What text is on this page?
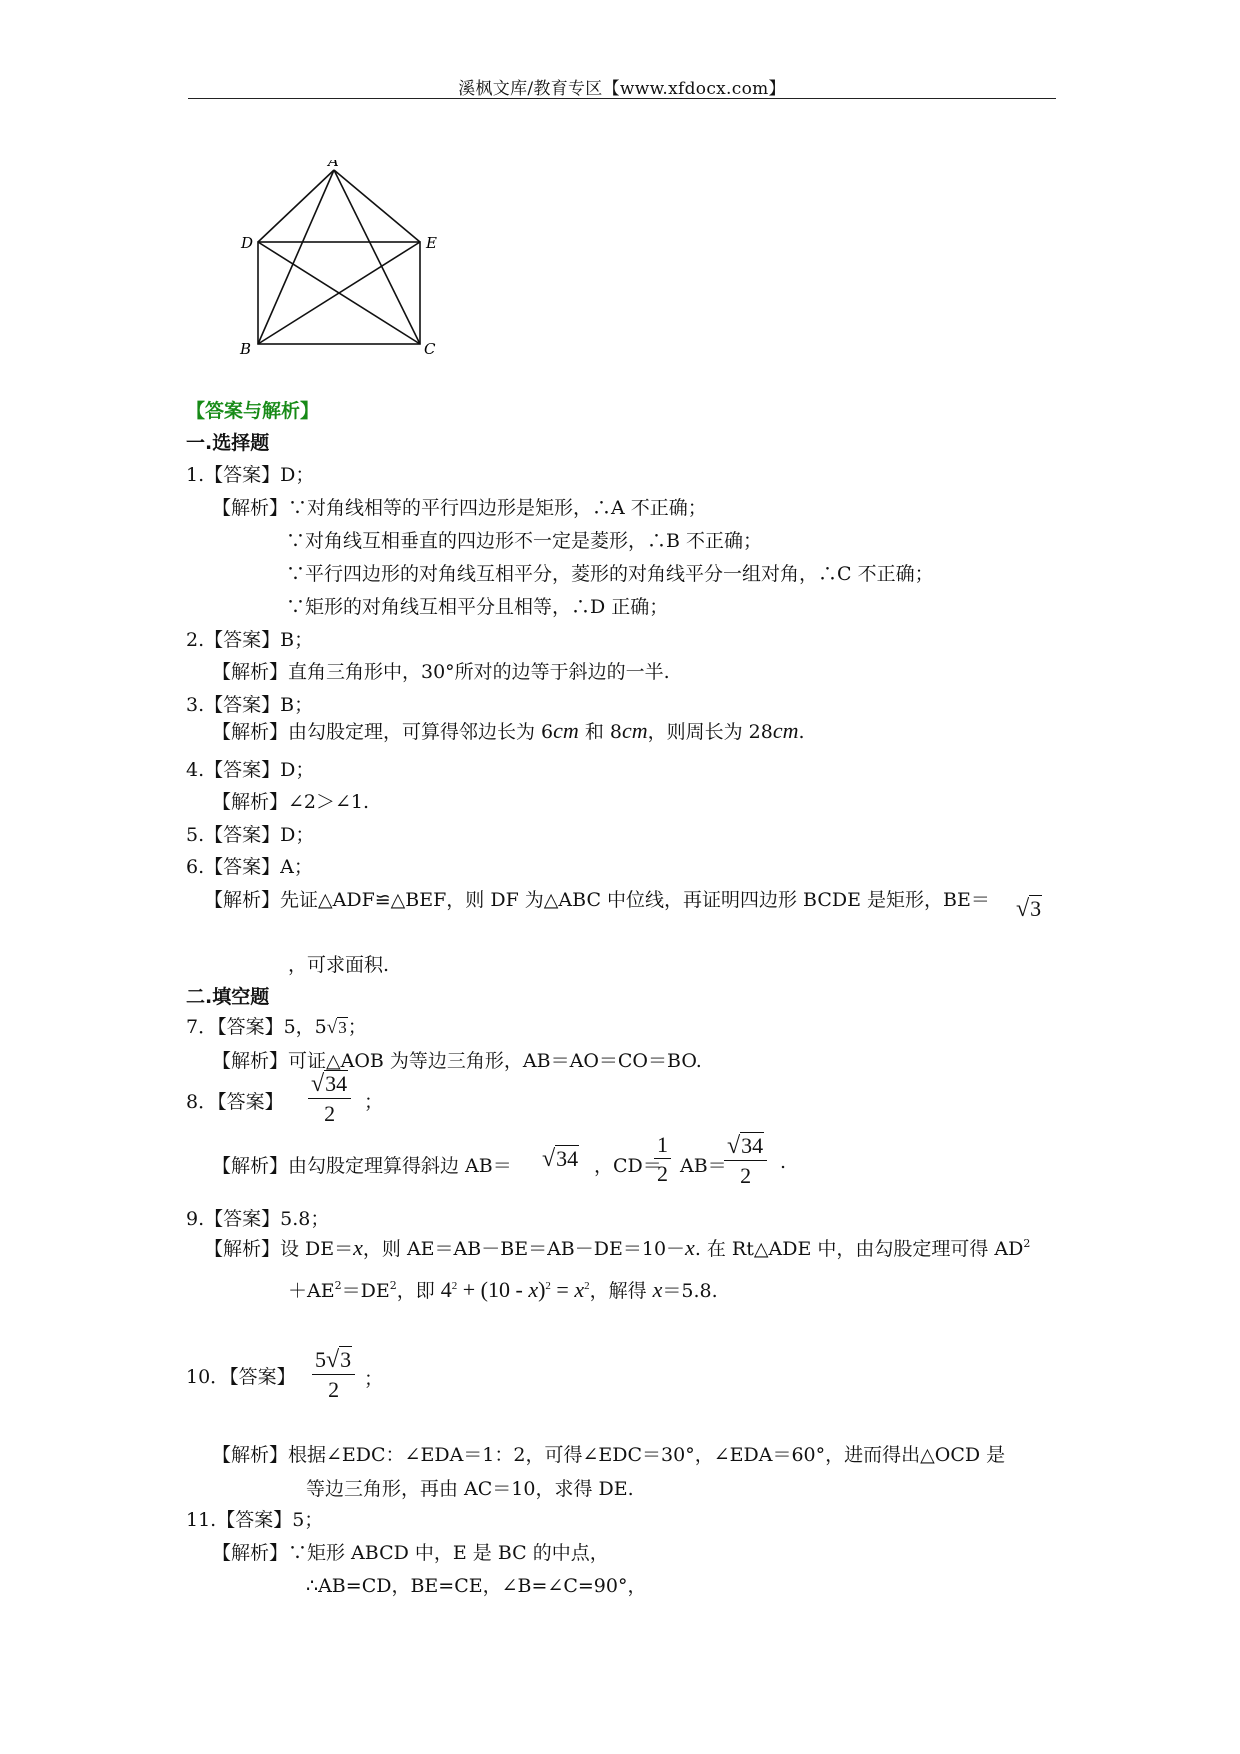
溪枫文库/教育专区【www.xfdocx.com】
A
D	E
B	C
【答案与解析】
一.选择题
1.【答案】D；
【解析】∵对角线相等的平行四边形是矩形，∴A 不正确；
∵对角线互相垂直的四边形不一定是菱形，∴B 不正确；
∵平行四边形的对角线互相平分，菱形的对角线平分一组对角，∴C 不正确；
∵矩形的对角线互相平分且相等，∴D 正确；
2.【答案】B；
【解析】直角三角形中，30°所对的边等于斜边的一半.
3.【答案】B；
【解析】由勾股定理，可算得邻边长为 6cm 和 8cm，则周长为 28cm.
4.【答案】D；
【解析】∠2＞∠1.
5.【答案】D；
6.【答案】A；
【解析】先证△ADF≌△BEF，则 DF 为△ABC 中位线，再证明四边形 BCDE 是矩形，BE＝ √3
，可求面积.
二.填空题
7．【答案】5，5√3；
【解析】可证△AOB 为等边三角形，AB＝AO＝CO＝BO.
8．【答案】 $\frac{√34}{2}$ ；
【解析】由勾股定理算得斜边 AB＝ √34 ，CD＝
$\frac{1}{2} AB=$
$\frac{√34}{2}$ .
9.【答案】5.8；
【解析】设 DE＝x，则 AE＝AB－BE＝AB－DE＝10－x. 在 Rt△ADE 中，由勾股定理可得 $AD^2$
$+AE^2=DE^2$，即 $4^2 + (10 - x)^2 = x^2$，解得 x＝5.8.
10．【答案】 $\frac{5√3}{2}$ ；
【解析】根据∠EDC：∠EDA＝1：2，可得∠EDC＝30°，∠EDA＝60°，进而得出△OCD 是
等边三角形，再由 AC＝10，求得 DE.
11.【答案】5；
【解析】∵矩形 ABCD 中，E 是 BC 的中点，
∴AB=CD，BE=CE，∠B=∠C=90°，
